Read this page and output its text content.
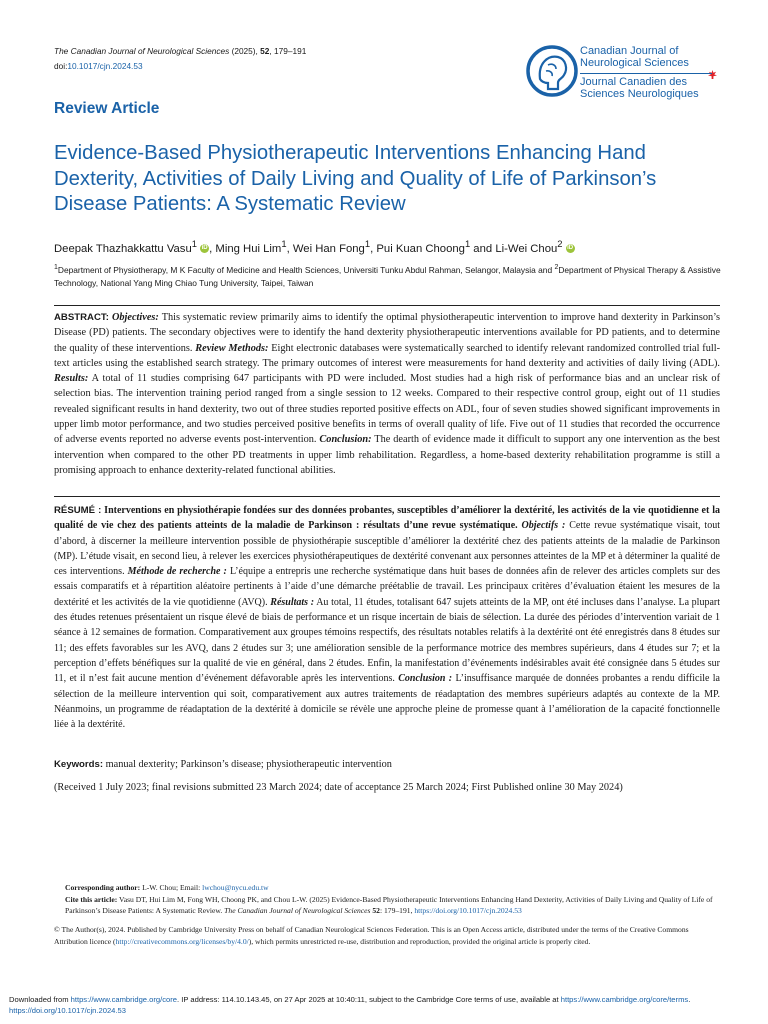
The Canadian Journal of Neurological Sciences (2025), 52, 179–191
doi:10.1017/cjn.2024.53
Canadian Journal of
Neurological Sciences
Journal Canadien des
Sciences Neurologiques
Review Article
Evidence-Based Physiotherapeutic Interventions Enhancing Hand Dexterity, Activities of Daily Living and Quality of Life of Parkinson’s Disease Patients: A Systematic Review
Deepak Thazhakkattu Vasu$^1$ iD , Ming Hui Lim$^1$, Wei Han Fong$^1$, Pui Kuan Choong$^1$ and Li-Wei Chou$^2$ iD
$^1$Department of Physiotherapy, M K Faculty of Medicine and Health Sciences, Universiti Tunku Abdul Rahman, Selangor, Malaysia and $^2$Department of Physical Therapy & Assistive Technology, National Yang Ming Chiao Tung University, Taipei, Taiwan

ABSTRACT: Objectives: This systematic review primarily aims to identify the optimal physiotherapeutic intervention to improve hand dexterity in Parkinson’s Disease (PD) patients. The secondary objectives were to identify the hand dexterity physiotherapeutic interventions available for PD patients, and to determine the quality of these interventions. Review Methods: Eight electronic databases were systematically searched to identify relevant randomized controlled trial full-text articles using the established search strategy. The primary outcomes of interest were measurements for hand dexterity and activities of daily living (ADL). Results: A total of 11 studies comprising 647 participants with PD were included. Most studies had a high risk of performance bias and an unclear risk of selection bias. The intervention training period ranged from a single session to 12 weeks. Compared to their respective control group, eight out of 11 studies revealed significant results in hand dexterity, two out of three studies reported positive effects on ADL, four of seven studies showed significant improvements in upper limb motor performance, and two studies perceived positive benefits in terms of overall quality of life. Five out of 11 studies that recorded the occurrence of adverse events reported no adverse events post-intervention. Conclusion: The dearth of evidence made it difficult to support any one intervention as the best intervention when compared to the other PD treatments in upper limb rehabilitation. Regardless, a home-based dexterity rehabilitation programme is still a promising approach to enhance dexterity-related functional abilities.

RÉSUMÉ : Interventions en physiothérapie fondées sur des données probantes, susceptibles d’améliorer la dextérité, les activités de la vie quotidienne et la qualité de vie chez des patients atteints de la maladie de Parkinson : résultats d’une revue systématique. Objectifs : Cette revue systématique visait, tout d’abord, à discerner la meilleure intervention possible de physiothérapie susceptible d’améliorer la dextérité chez des patients atteints de la maladie de Parkinson (MP). L’étude visait, en second lieu, à relever les exercices physiothérapeutiques de dextérité convenant aux personnes atteintes de la MP et à déterminer la qualité de ces interventions. Méthode de recherche : L’équipe a entrepris une recherche systématique dans huit bases de données afin de relever des articles complets sur des essais comparatifs et à répartition aléatoire pertinents à l’aide d’une démarche préétablie de travail. Les principaux critères d’évaluation étaient les mesures de la dextérité et les activités de la vie quotidienne (AVQ). Résultats : Au total, 11 études, totalisant 647 sujets atteints de la MP, ont été incluses dans l’analyse. La plupart des études retenues présentaient un risque élevé de biais de performance et un risque incertain de biais de sélection. La durée des périodes d’intervention variait de 1 séance à 12 semaines de formation. Comparativement aux groupes témoins respectifs, des résultats notables relatifs à la dextérité ont été enregistrés dans 8 études sur 11; des effets favorables sur les AVQ, dans 2 études sur 3; une amélioration sensible de la performance motrice des membres supérieurs, dans 4 études sur 7; et la perception d’effets bénéfiques sur la qualité de vie en général, dans 2 études. Enfin, la manifestation d’événements indésirables avait été consignée dans 5 études sur 11, et il n’est fait aucune mention d’événement défavorable après les interventions. Conclusion : L’insuffisance marquée de données probantes a rendu difficile la sélection de la meilleure intervention qui soit, comparativement aux autres traitements de réadaptation des membres supérieurs adaptés au contexte de la MP. Néanmoins, un programme de réadaptation de la dextérité à domicile se révèle une approche pleine de promesse quant à l’amélioration de la capacité fonctionnelle liée à la dextérité.

Keywords: manual dexterity; Parkinson’s disease; physiotherapeutic intervention
(Received 1 July 2023; final revisions submitted 23 March 2024; date of acceptance 25 March 2024; First Published online 30 May 2024)
Corresponding author: L-W. Chou; Email: lwchou@nycu.edu.tw
Cite this article: Vasu DT, Hui Lim M, Fong WH, Choong PK, and Chou L-W. (2025) Evidence-Based Physiotherapeutic Interventions Enhancing Hand Dexterity, Activities of Daily Living and Quality of Life of Parkinson’s Disease Patients: A Systematic Review. The Canadian Journal of Neurological Sciences 52: 179–191, https://doi.org/10.1017/cjn.2024.53
© The Author(s), 2024. Published by Cambridge University Press on behalf of Canadian Neurological Sciences Federation. This is an Open Access article, distributed under the terms of the Creative Commons Attribution licence (http://creativecommons.org/licenses/by/4.0/), which permits unrestricted re-use, distribution and reproduction, provided the original article is properly cited.
Downloaded from https://www.cambridge.org/core. IP address: 114.10.143.45, on 27 Apr 2025 at 10:40:11, subject to the Cambridge Core terms of use, available at https://www.cambridge.org/core/terms.
https://doi.org/10.1017/cjn.2024.53
